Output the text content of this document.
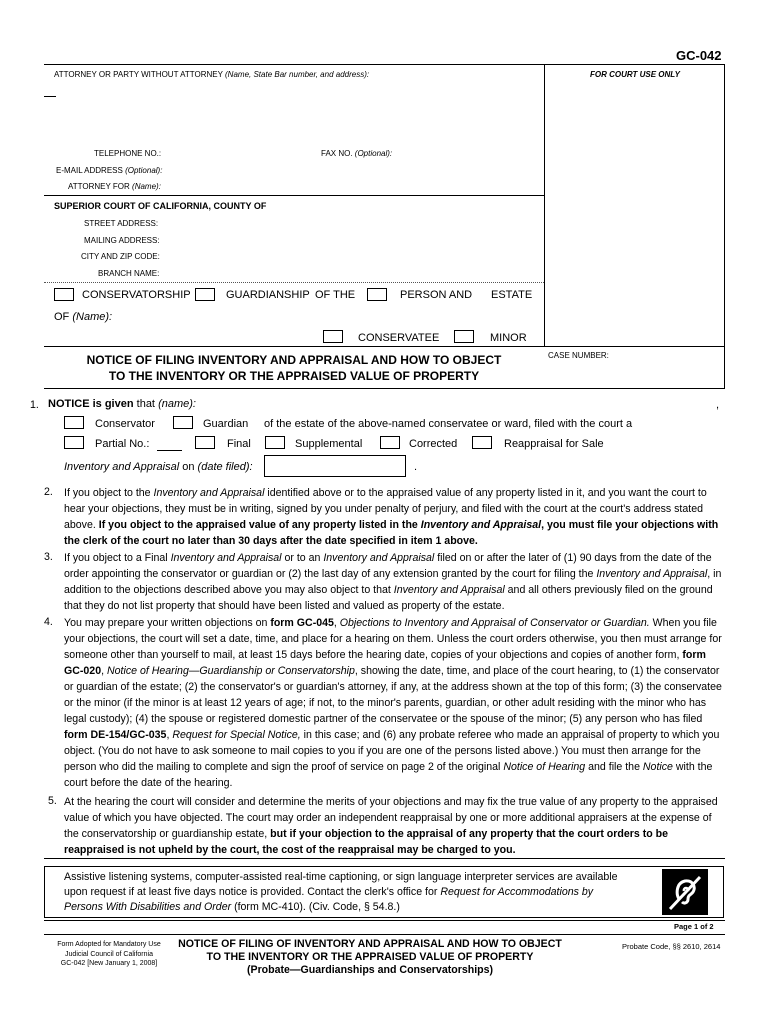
GC-042
ATTORNEY OR PARTY WITHOUT ATTORNEY (Name, State Bar number, and address):	FOR COURT USE ONLY
TELEPHONE NO.:	FAX NO. (Optional):
E-MAIL ADDRESS (Optional):
ATTORNEY FOR (Name):
SUPERIOR COURT OF CALIFORNIA, COUNTY OF
STREET ADDRESS:
MAILING ADDRESS:
CITY AND ZIP CODE:
BRANCH NAME:
CONSERVATORSHIP	GUARDIANSHIP OF THE	PERSON AND ESTATE
OF (Name):
CONSERVATEE	MINOR
CASE NUMBER:
NOTICE OF FILING INVENTORY AND APPRAISAL AND HOW TO OBJECT
TO THE INVENTORY OR THE APPRAISED VALUE OF PROPERTY
1. NOTICE is given that (name):	,
Conservator	Guardian of the estate of the above-named conservatee or ward, filed with the court a
Partial No.:	Final	Supplemental	Corrected	Reappraisal for Sale
Inventory and Appraisal on (date filed):	.
2. If you object to the Inventory and Appraisal identified above or to the appraised value of any property listed in it, and you want the court to hear your objections, they must be in writing, signed by you under penalty of perjury, and filed with the court at the court's address stated above. If you object to the appraised value of any property listed in the Inventory and Appraisal, you must file your objections with the clerk of the court no later than 30 days after the date specified in item 1 above.

3. If you object to a Final Inventory and Appraisal or to an Inventory and Appraisal filed on or after the later of (1) 90 days from the date of the order appointing the conservator or guardian or (2) the last day of any extension granted by the court for filing the Inventory and Appraisal, in addition to the objections described above you may also object to that Inventory and Appraisal and all others previously filed on the ground that they do not list property that should have been listed and valued as property of the estate.

4. You may prepare your written objections on form GC-045, Objections to Inventory and Appraisal of Conservator or Guardian. When you file your objections, the court will set a date, time, and place for a hearing on them. Unless the court orders otherwise, you then must arrange for someone other than yourself to mail, at least 15 days before the hearing date, copies of your objections and copies of another form, form GC-020, Notice of Hearing—Guardianship or Conservatorship, showing the date, time, and place of the court hearing, to (1) the conservator or guardian of the estate; (2) the conservator's or guardian's attorney, if any, at the address shown at the top of this form; (3) the conservatee or the minor (if the minor is at least 12 years of age; if not, to the minor's parents, guardian, or other adult residing with the minor who has legal custody); (4) the spouse or registered domestic partner of the conservatee or the spouse of the minor; (5) any person who has filed form DE-154/GC-035, Request for Special Notice, in this case; and (6) any probate referee who made an appraisal of property to which you object. (You do not have to ask someone to mail copies to you if you are one of the persons listed above.) You must then arrange for the person who did the mailing to complete and sign the proof of service on page 2 of the original Notice of Hearing and file the Notice with the court before the date of the hearing.

5. At the hearing the court will consider and determine the merits of your objections and may fix the true value of any property to the appraised value of which you have objected. The court may order an independent reappraisal by one or more additional appraisers at the expense of the conservatorship or guardianship estate, but if your objection to the appraisal of any property that the court orders to be reappraised is not upheld by the court, the cost of the reappraisal may be charged to you.

Assistive listening systems, computer-assisted real-time captioning, or sign language interpreter services are available upon request if at least five days notice is provided. Contact the clerk's office for Request for Accommodations by Persons With Disabilities and Order (form MC-410). (Civ. Code, § 54.8.)

Page 1 of 2
Form Adopted for Mandatory Use
Judicial Council of California
GC-042 [New January 1, 2008]
NOTICE OF FILING OF INVENTORY AND APPRAISAL AND HOW TO OBJECT
TO THE INVENTORY OR THE APPRAISED VALUE OF PROPERTY
(Probate—Guardianships and Conservatorships)
Probate Code, §§ 2610, 2614
